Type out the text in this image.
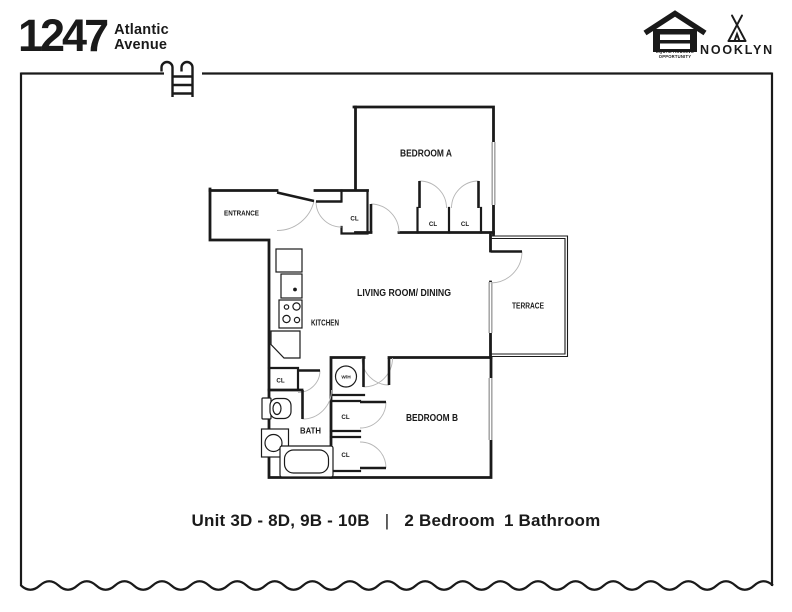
BEDROOM A
LIVING ROOM/ DINING
TERRACE
KITCHEN
BATH
BEDROOM B
ENTRANCE
CL
CL	CL
CL
CL
CL
W/H
1247 Atlantic
Avenue	EQUAL HOUSING
OPPORTUNITY NOOKLYN
Unit 3D - 8D, 9B - 10B | 2 Bedroom 1 Bathroom
